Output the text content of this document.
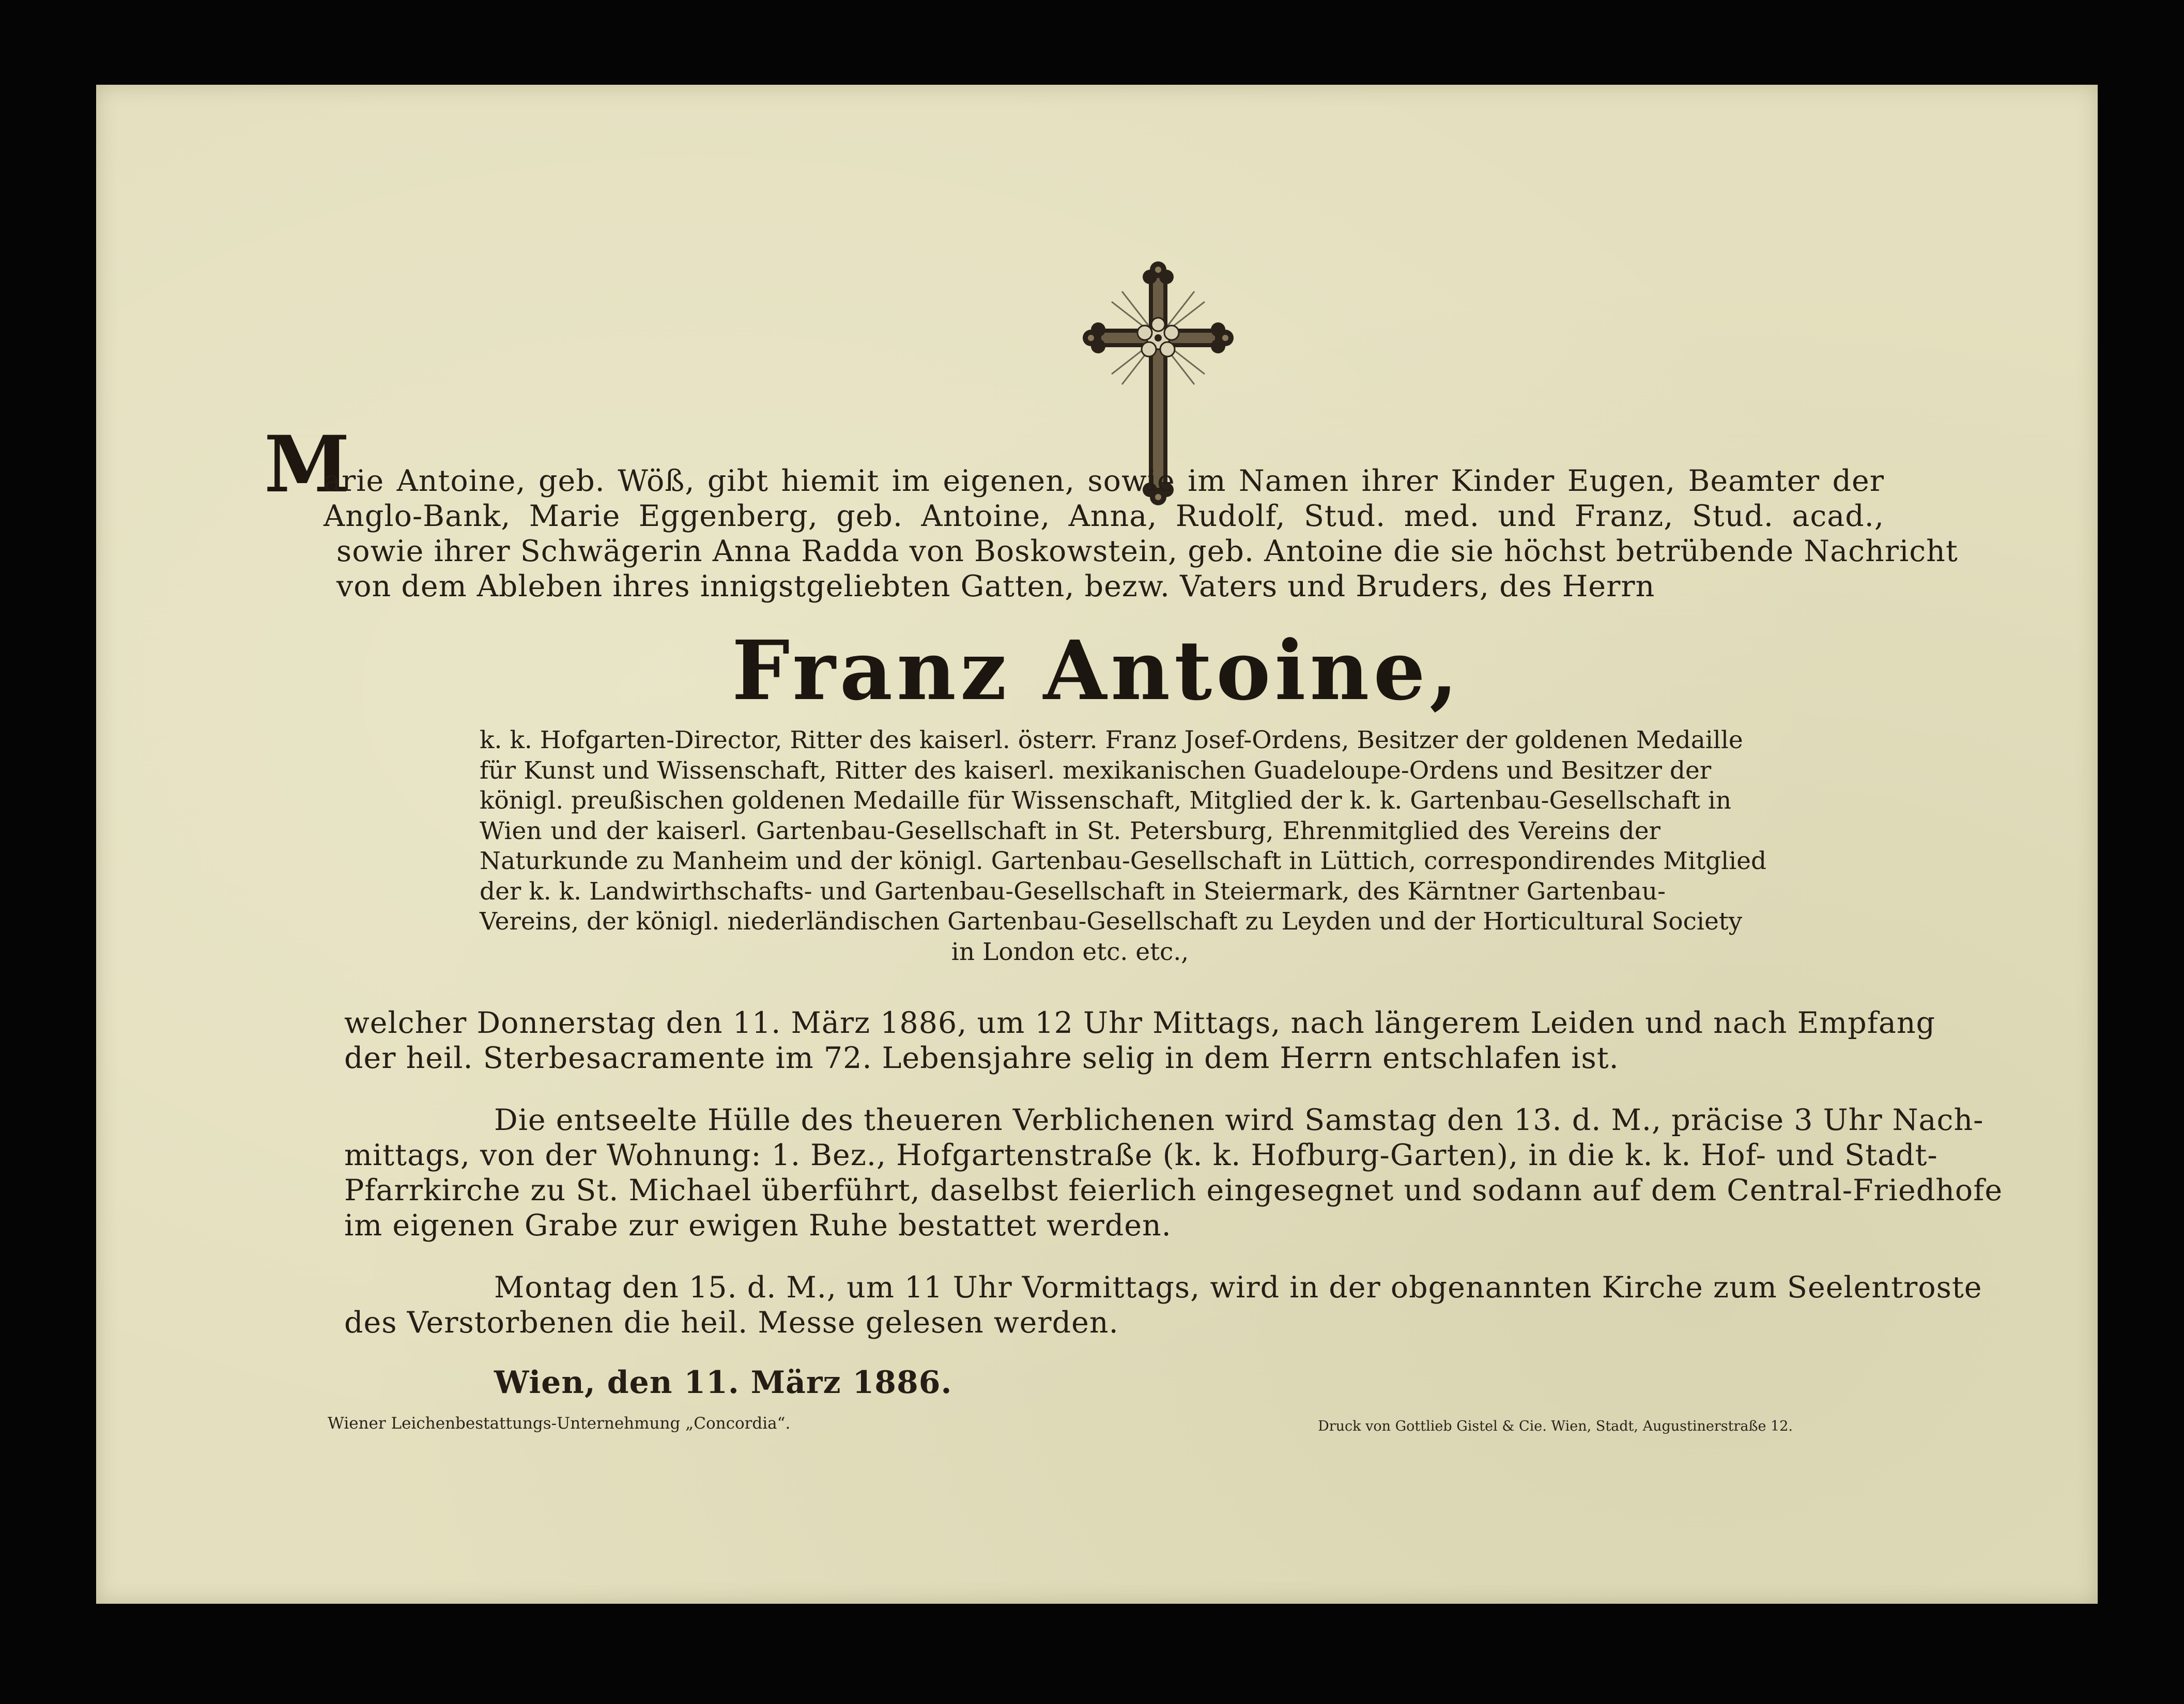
M
arie Antoine, geb. Wöß, gibt hiemit im eigenen, sowie im Namen ihrer Kinder Eugen, Beamter der
Anglo-Bank, Marie Eggenberg, geb. Antoine, Anna, Rudolf, Stud. med. und Franz, Stud. acad.,
sowie ihrer Schwägerin Anna Radda von Boskowstein, geb. Antoine die sie höchst betrübende Nachricht
von dem Ableben ihres innigstgeliebten Gatten, bezw. Vaters und Bruders, des Herrn
Franz Antoine,
k. k. Hofgarten-Director, Ritter des kaiserl. österr. Franz Josef-Ordens, Besitzer der goldenen Medaille
für Kunst und Wissenschaft, Ritter des kaiserl. mexikanischen Guadeloupe-Ordens und Besitzer der
königl. preußischen goldenen Medaille für Wissenschaft, Mitglied der k. k. Gartenbau-Gesellschaft in
Wien und der kaiserl. Gartenbau-Gesellschaft in St. Petersburg, Ehrenmitglied des Vereins der
Naturkunde zu Manheim und der königl. Gartenbau-Gesellschaft in Lüttich, correspondirendes Mitglied
der k. k. Landwirthschafts- und Gartenbau-Gesellschaft in Steiermark, des Kärntner Gartenbau-
Vereins, der königl. niederländischen Gartenbau-Gesellschaft zu Leyden und der Horticultural Society
in London etc. etc.,
welcher Donnerstag den 11. März 1886, um 12 Uhr Mittags, nach längerem Leiden und nach Empfang
der heil. Sterbesacramente im 72. Lebensjahre selig in dem Herrn entschlafen ist.
Die entseelte Hülle des theueren Verblichenen wird Samstag den 13. d. M., präcise 3 Uhr Nach-
mittags, von der Wohnung: 1. Bez., Hofgartenstraße (k. k. Hofburg-Garten), in die k. k. Hof- und Stadt-
Pfarrkirche zu St. Michael überführt, daselbst feierlich eingesegnet und sodann auf dem Central-Friedhofe
im eigenen Grabe zur ewigen Ruhe bestattet werden.
Montag den 15. d. M., um 11 Uhr Vormittags, wird in der obgenannten Kirche zum Seelentroste
des Verstorbenen die heil. Messe gelesen werden.
Wien, den 11. März 1886.
Wiener Leichenbestattungs-Unternehmung „Concordia“.	Druck von Gottlieb Gistel & Cie. Wien, Stadt, Augustinerstraße 12.
